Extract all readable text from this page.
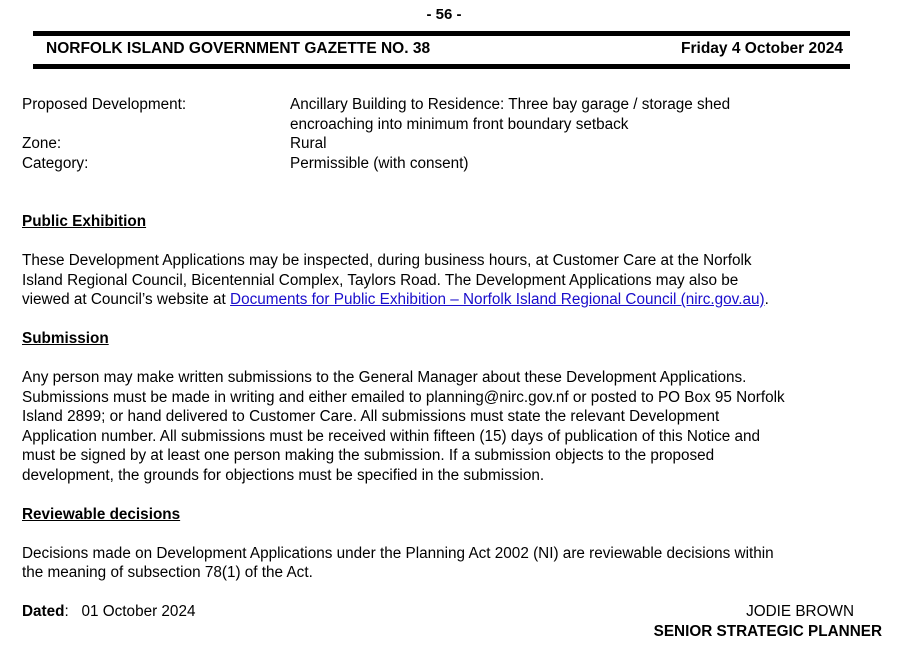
- 56 -
NORFOLK ISLAND GOVERNMENT GAZETTE NO. 38	Friday 4 October 2024
Proposed Development:	Ancillary Building to Residence: Three bay garage / storage shed
encroaching into minimum front boundary setback
Zone:	Rural
Category:	Permissible (with consent)
Public Exhibition
These Development Applications may be inspected, during business hours, at Customer Care at the Norfolk
Island Regional Council, Bicentennial Complex, Taylors Road. The Development Applications may also be
viewed at Council’s website at Documents for Public Exhibition – Norfolk Island Regional Council (nirc.gov.au).
Submission
Any person may make written submissions to the General Manager about these Development Applications.
Submissions must be made in writing and either emailed to planning@nirc.gov.nf or posted to PO Box 95 Norfolk
Island 2899; or hand delivered to Customer Care. All submissions must state the relevant Development
Application number. All submissions must be received within fifteen (15) days of publication of this Notice and
must be signed by at least one person making the submission. If a submission objects to the proposed
development, the grounds for objections must be specified in the submission.
Reviewable decisions
Decisions made on Development Applications under the Planning Act 2002 (NI) are reviewable decisions within
the meaning of subsection 78(1) of the Act.
Dated:   01 October 2024	JODIE BROWN
SENIOR STRATEGIC PLANNER
